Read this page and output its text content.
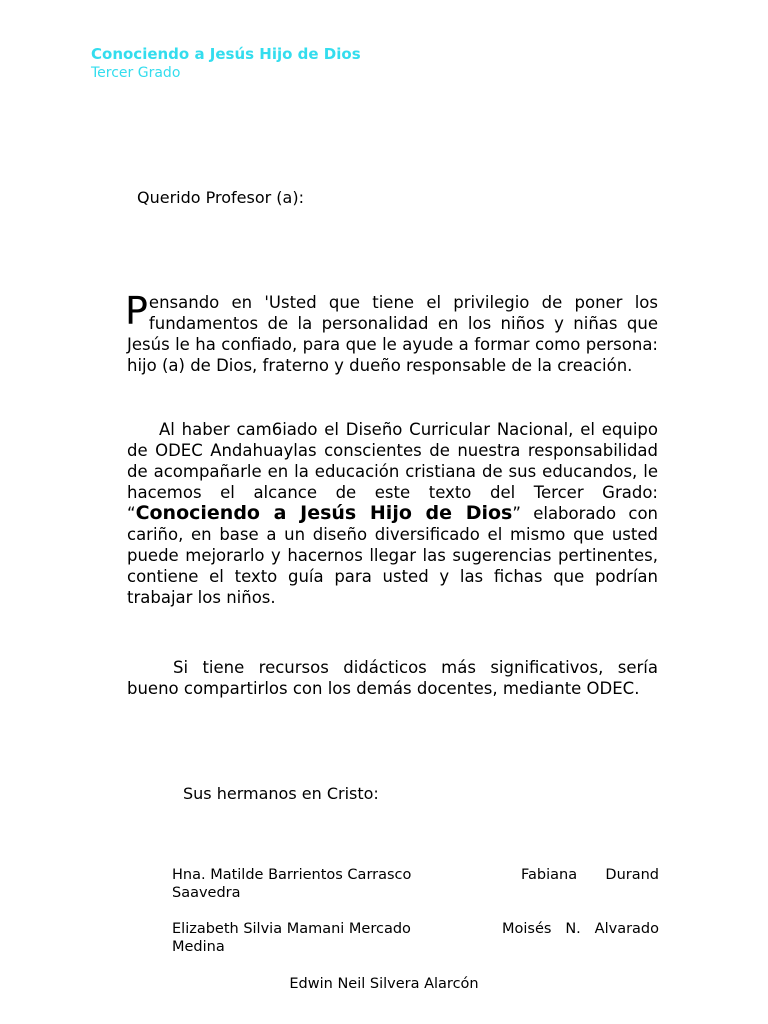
Conociendo a Jesús Hijo de Dios
Tercer Grado
Querido Profesor (a):
Pensando en 'Usted que tiene el privilegio de poner los fundamentos de la personalidad en los niños y niñas que Jesús le ha confiado, para que le ayude a formar como persona: hijo (a) de Dios, fraterno y dueño responsable de la creación.
Al haber cam6iado el Diseño Curricular Nacional, el equipo de ODEC Andahuaylas conscientes de nuestra responsabilidad de acompañarle en la educación cristiana de sus educandos, le hacemos el alcance de este texto del Tercer Grado: “Conociendo a Jesús Hijo de Dios” elaborado con cariño, en base a un diseño diversificado el mismo que usted puede mejorarlo y hacernos llegar las sugerencias pertinentes, contiene el texto guía para usted y las fichas que podrían trabajar los niños.
Si tiene recursos didácticos más significativos, sería bueno compartirlos con los demás docentes, mediante ODEC.
Sus hermanos en Cristo:
Hna. Matilde Barrientos Carrasco Saavedra
Fabiana Durand
Elizabeth Silvia Mamani Mercado Medina
Moisés N. Alvarado
Edwin Neil Silvera Alarcón
